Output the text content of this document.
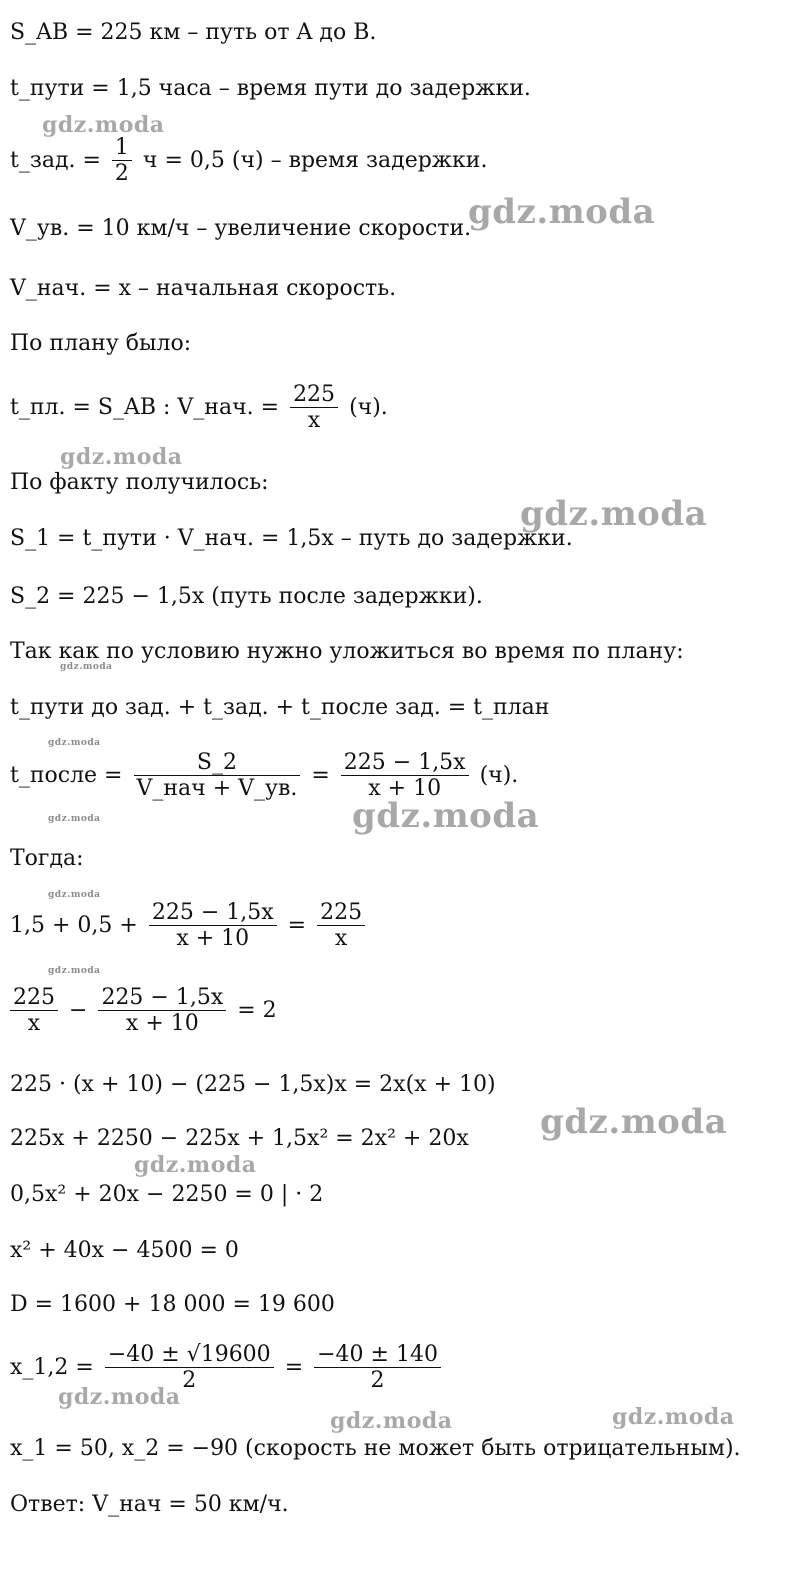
S_AB = 225 км – путь от A до B.
t_пути = 1,5 часа – время пути до задержки.
t_зад. = $\frac{1}{2}$ ч = 0,5 (ч) – время задержки.
V_ув. = 10 км/ч – увеличение скорости.
V_нач. = x – начальная скорость.
По плану было:
t_пл. = S_AB : V_нач. = $\frac{225}{x} (ч)$.
По факту получилось:
S_1 = t_пути · V_нач. = 1,5x – путь до задержки.
S_2 = 225 − 1,5x (путь после задержки).
Так как по условию нужно уложиться во время по плану:
t_пути до зад. + t_зад. + t_после зад. = t_план
t_после = $\frac{S\_2}{\text{V\_нач + V\_ув.}} = \frac{225 - 1,5x}{x + 10} (ч)$.
Тогда:
$1,5 + 0,5 + \frac{225 - 1,5x}{x + 10} = \frac{225}{x}$
$\frac{225}{x} - \frac{225 - 1,5x}{x + 10} = 2$
225 · (x + 10) − (225 − 1,5x)x = 2x(x + 10)
225x + 2250 − 225x + 1,5x² = 2x² + 20x
0,5x² + 20x − 2250 = 0 | · 2
x² + 40x − 4500 = 0
D = 1600 + 18 000 = 19 600
x_1,2 = $\frac{-40 \pm √19600}{2} = \frac{-40 \pm 140}{2}$
x_1 = 50, x_2 = −90 (скорость не может быть отрицательным).
Ответ: V_нач = 50 км/ч.
gdz.moda
gdz.moda
gdz.moda
gdz.moda
gdz.moda
gdz.moda
gdz.moda	gdz.moda
gdz.moda
gdz.moda
gdz.moda
gdz.moda
gdz.moda
gdz.moda	gdz.moda
